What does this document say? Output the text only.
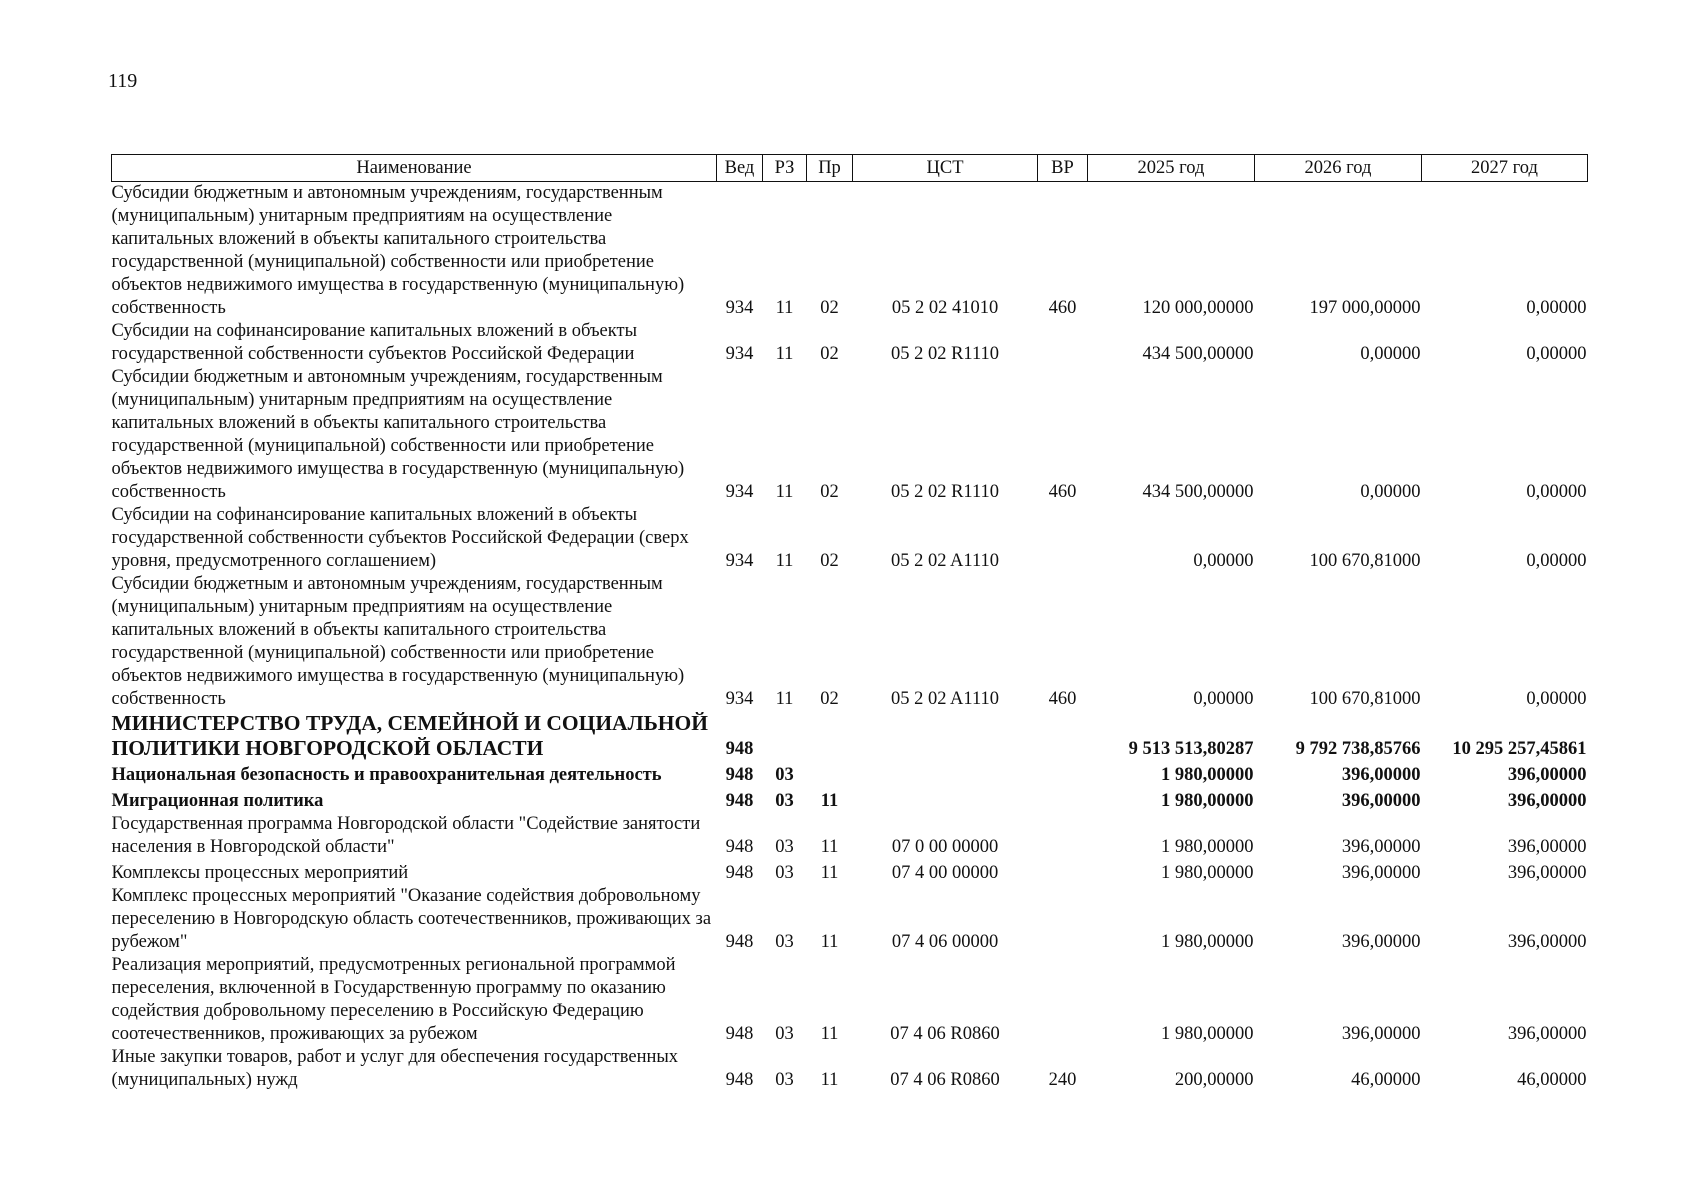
119
Наименование	Вед	РЗ	Пр	ЦСТ	ВР	2025 год	2026 год	2027 год
Субсидии бюджетным и автономным учреждениям, государственным (муниципальным) унитарным предприятиям на осуществление капитальных вложений в объекты капитального строительства государственной (муниципальной) собственности или приобретение объектов недвижимого имущества в государственную (муниципальную) собственность	934	11	02	05 2 02 41010	460	120 000,00000	197 000,00000	0,00000
Субсидии на софинансирование капитальных вложений в объекты государственной собственности субъектов Российской Федерации	934	11	02	05 2 02 R1110		434 500,00000	0,00000	0,00000
Субсидии бюджетным и автономным учреждениям, государственным (муниципальным) унитарным предприятиям на осуществление капитальных вложений в объекты капитального строительства государственной (муниципальной) собственности или приобретение объектов недвижимого имущества в государственную (муниципальную) собственность	934	11	02	05 2 02 R1110	460	434 500,00000	0,00000	0,00000
Субсидии на софинансирование капитальных вложений в объекты государственной собственности субъектов Российской Федерации (сверх уровня, предусмотренного соглашением)	934	11	02	05 2 02 A1110		0,00000	100 670,81000	0,00000
Субсидии бюджетным и автономным учреждениям, государственным (муниципальным) унитарным предприятиям на осуществление капитальных вложений в объекты капитального строительства государственной (муниципальной) собственности или приобретение объектов недвижимого имущества в государственную (муниципальную) собственность	934	11	02	05 2 02 A1110	460	0,00000	100 670,81000	0,00000
МИНИСТЕРСТВО ТРУДА, СЕМЕЙНОЙ И СОЦИАЛЬНОЙ ПОЛИТИКИ НОВГОРОДСКОЙ ОБЛАСТИ	948					9 513 513,80287	9 792 738,85766	10 295 257,45861
Национальная безопасность и правоохранительная деятельность	948	03				1 980,00000	396,00000	396,00000
Миграционная политика	948	03	11			1 980,00000	396,00000	396,00000
Государственная программа Новгородской области "Содействие занятости населения в Новгородской области"	948	03	11	07 0 00 00000		1 980,00000	396,00000	396,00000
Комплексы процессных мероприятий	948	03	11	07 4 00 00000		1 980,00000	396,00000	396,00000
Комплекс процессных мероприятий "Оказание содействия добровольному переселению в Новгородскую область соотечественников, проживающих за рубежом"	948	03	11	07 4 06 00000		1 980,00000	396,00000	396,00000
Реализация мероприятий, предусмотренных региональной программой переселения, включенной в Государственную программу по оказанию содействия добровольному переселению в Российскую Федерацию соотечественников, проживающих за рубежом	948	03	11	07 4 06 R0860		1 980,00000	396,00000	396,00000
Иные закупки товаров, работ и услуг для обеспечения государственных (муниципальных) нужд	948	03	11	07 4 06 R0860	240	200,00000	46,00000	46,00000
